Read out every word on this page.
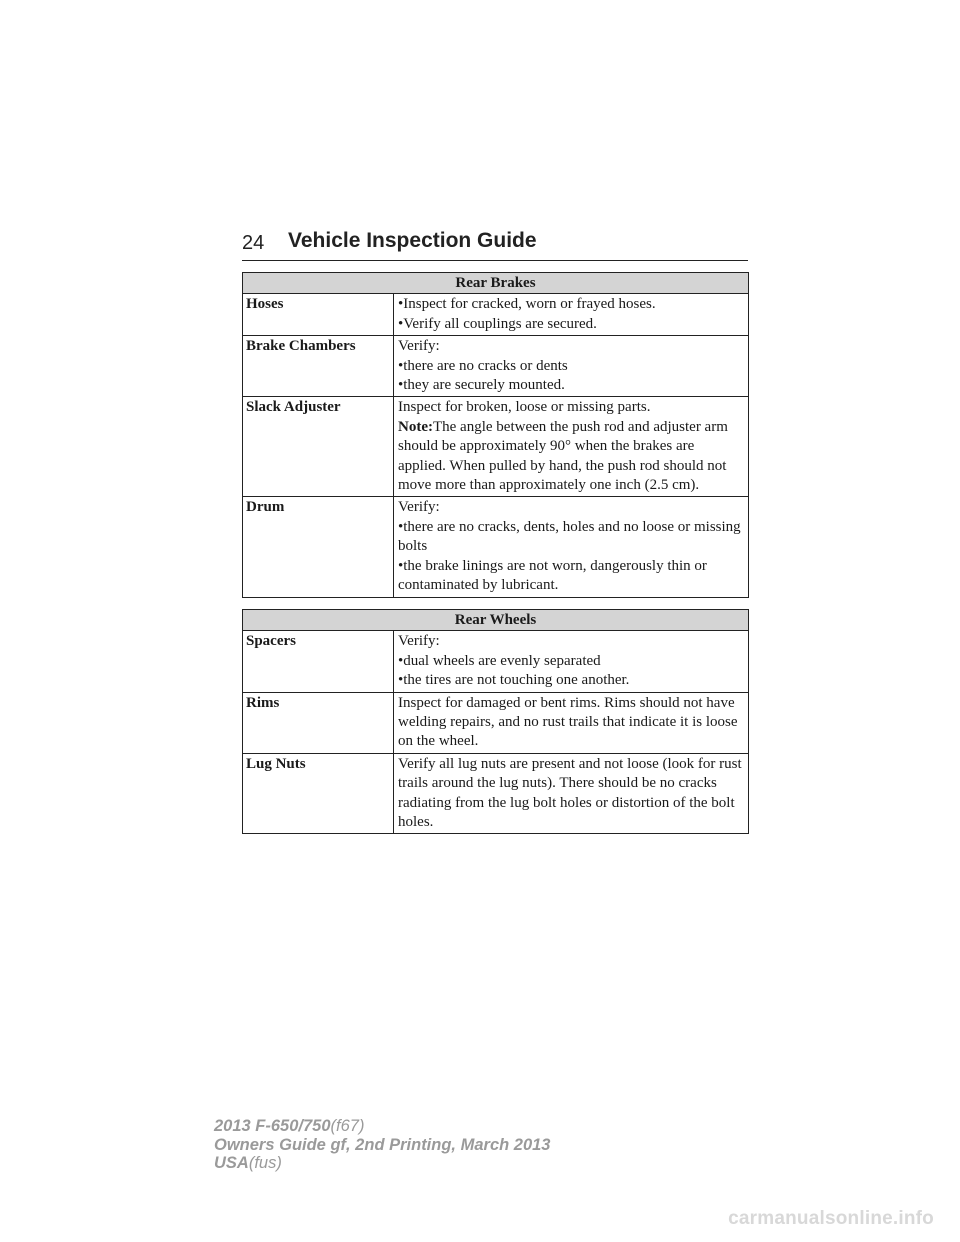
24 Vehicle Inspection Guide
Rear Brakes	
Hoses	•Inspect for cracked, worn or frayed hoses.
•Verify all couplings are secured.

Brake Chambers	Verify:
•there are no cracks or dents
•they are securely mounted.

Slack Adjuster	Inspect for broken, loose or missing parts.
Note:The angle between the push rod and adjuster arm should be approximately 90° when the brakes are applied. When pulled by hand, the push rod should not move more than approximately one inch (2.5 cm).

Drum	Verify:
•there are no cracks, dents, holes and no loose or missing bolts
•the brake linings are not worn, dangerously thin or contaminated by lubricant.
Rear Wheels	
Spacers	Verify:
•dual wheels are evenly separated
•the tires are not touching one another.

Rims	Inspect for damaged or bent rims. Rims should not have welding repairs, and no rust trails that indicate it is loose on the wheel.

Lug Nuts	Verify all lug nuts are present and not loose (look for rust trails around the lug nuts). There should be no cracks radiating from the lug bolt holes or distortion of the bolt holes.
2013 F-650/750(f67)
Owners Guide gf, 2nd Printing, March 2013
USA(fus)
carmanualsonline.info
